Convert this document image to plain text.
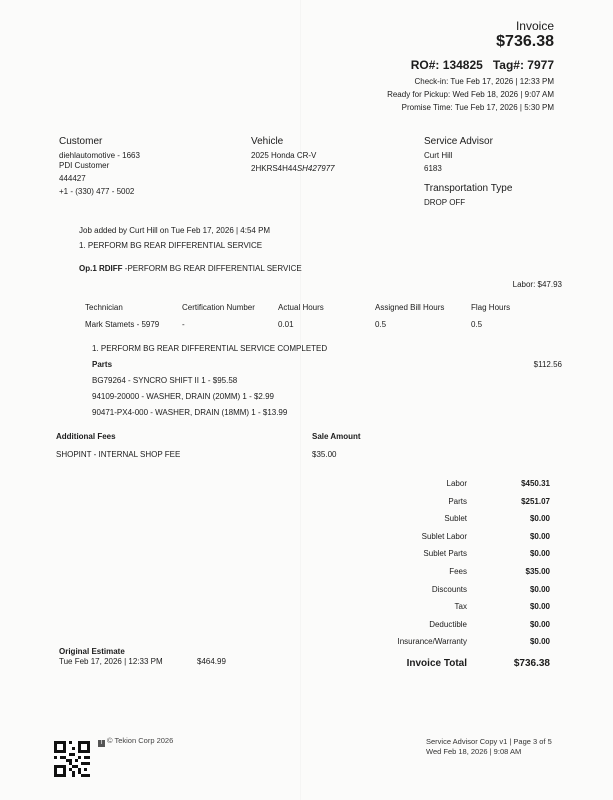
Invoice
$736.38
RO#: 134825 Tag#: 7977
Check-in: Tue Feb 17, 2026 | 12:33 PM
Ready for Pickup: Wed Feb 18, 2026 | 9:07 AM
Promise Time: Tue Feb 17, 2026 | 5:30 PM
Customer
diehlautomotive - 1663
PDI Customer
444427
+1 - (330) 477 - 5002
Vehicle
2025 Honda CR-V
2HKRS4H44SH427977
Service Advisor
Curt Hill
6183
Transportation Type
DROP OFF
Job added by Curt Hill on Tue Feb 17, 2026 | 4:54 PM
1. PERFORM BG REAR DIFFERENTIAL SERVICE
Op.1 RDIFF -PERFORM BG REAR DIFFERENTIAL SERVICE
Labor: $47.93
Technician	Certification Number	Actual Hours	Assigned Bill Hours	Flag Hours
Mark Stamets - 5979	-	0.01	0.5	0.5
1. PERFORM BG REAR DIFFERENTIAL SERVICE COMPLETED
Parts	$112.56
BG79264 - SYNCRO SHIFT II 1 - $95.58
94109-20000 - WASHER, DRAIN (20MM) 1 - $2.99
90471-PX4-000 - WASHER, DRAIN (18MM) 1 - $13.99
Additional Fees	Sale Amount
SHOPINT - INTERNAL SHOP FEE	$35.00
Labor	$450.31
Parts	$251.07
Sublet	$0.00
Sublet Labor	$0.00
Sublet Parts	$0.00
Fees	$35.00
Discounts	$0.00
Tax	$0.00
Deductible	$0.00
Insurance/Warranty	$0.00
Invoice Total	$736.38
Original Estimate
Tue Feb 17, 2026 | 12:33 PM	$464.99
T © Tekion Corp 2026	Service Advisor Copy v1 | Page 3 of 5
Wed Feb 18, 2026 | 9:08 AM
